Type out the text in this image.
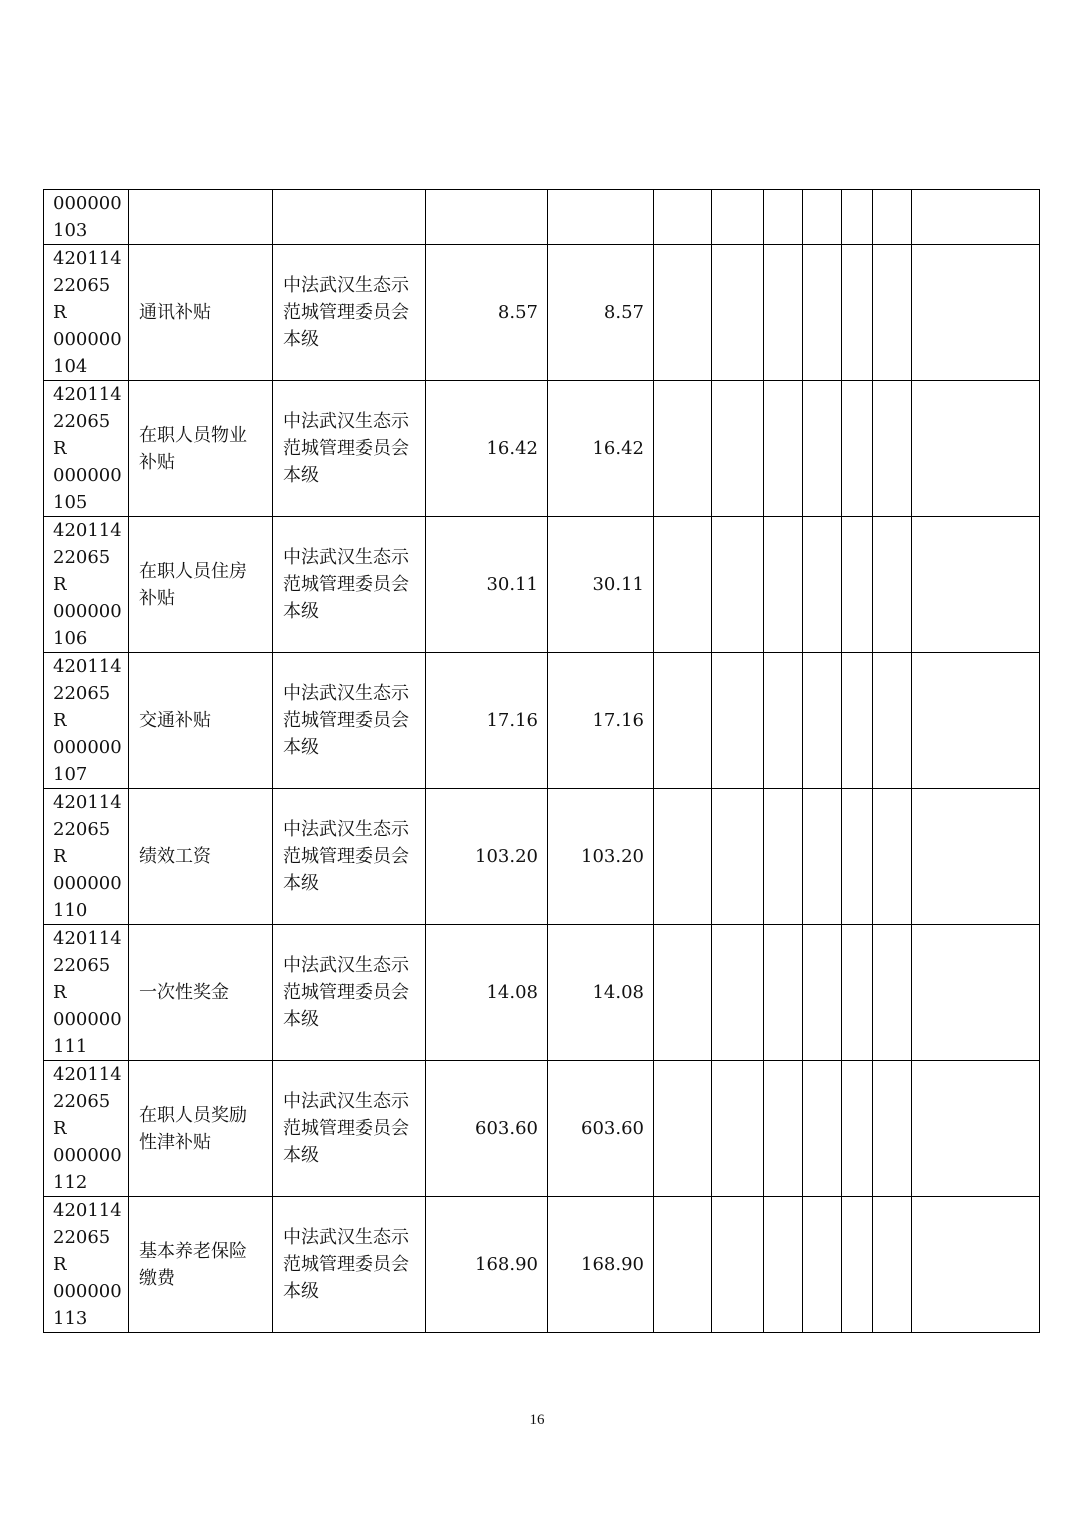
000000
103											

420114
22065R
000000
104	通讯补贴	中法武汉生态示范城管理委员会本级	8.57	8.57							

420114
22065R
000000
105	在职人员物业补贴	中法武汉生态示范城管理委员会本级	16.42	16.42							

420114
22065R
000000
106	在职人员住房补贴	中法武汉生态示范城管理委员会本级	30.11	30.11							

420114
22065R
000000
107	交通补贴	中法武汉生态示范城管理委员会本级	17.16	17.16							

420114
22065R
000000
110	绩效工资	中法武汉生态示范城管理委员会本级	103.20	103.20							

420114
22065R
000000
111	一次性奖金	中法武汉生态示范城管理委员会本级	14.08	14.08							

420114
22065R
000000
112	在职人员奖励性津补贴	中法武汉生态示范城管理委员会本级	603.60	603.60							

420114
22065R
000000
113	基本养老保险缴费	中法武汉生态示范城管理委员会本级	168.90	168.90							
16
